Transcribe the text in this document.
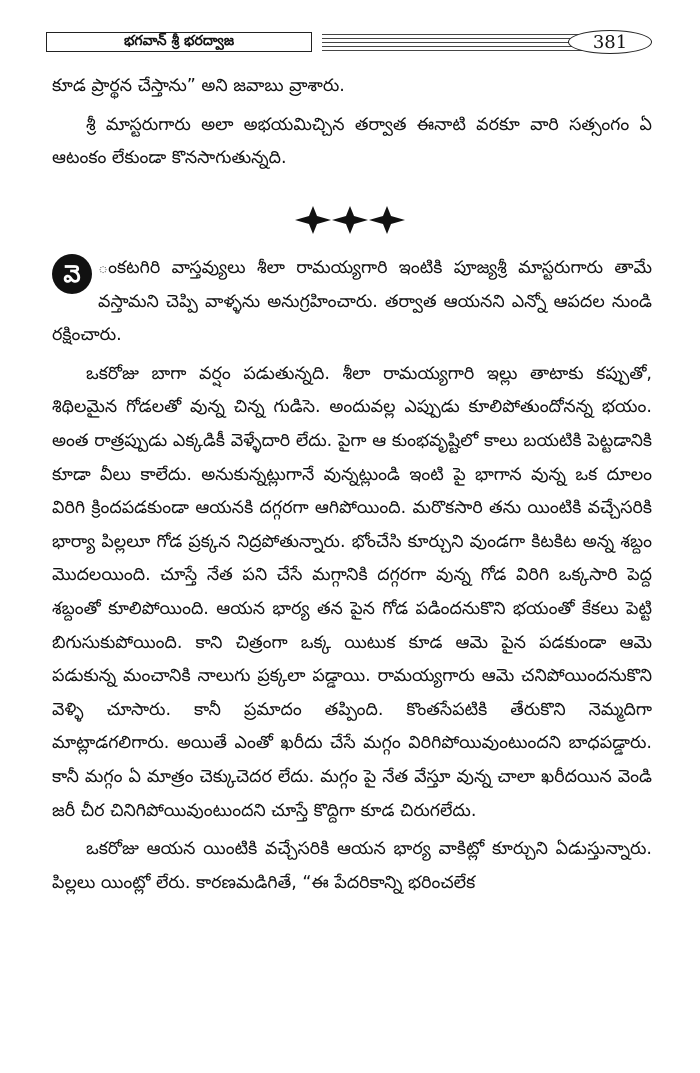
భగవాన్ శ్రీ భరద్వాజ	381

కూడ ప్రార్థన చేస్తాను” అని జవాబు వ్రాశారు.

శ్రీ మాస్టరుగారు అలా అభయమిచ్చిన తర్వాత ఈనాటి వరకూ వారి సత్సంగం ఏ ఆటంకం లేకుండా కొనసాగుతున్నది.

వె ంకటగిరి వాస్తవ్యులు శీలా రామయ్యగారి ఇంటికి పూజ్యశ్రీ మాస్టరుగారు తామే వస్తామని చెప్పి వాళ్ళను అనుగ్రహించారు. తర్వాత ఆయనని ఎన్నో ఆపదల నుండి రక్షించారు.

ఒకరోజు బాగా వర్షం పడుతున్నది. శీలా రామయ్యగారి ఇల్లు తాటాకు కప్పుతో, శిథిలమైన గోడలతో వున్న చిన్న గుడిసె. అందువల్ల ఎప్పుడు కూలిపోతుందోనన్న భయం. అంత రాత్రప్పుడు ఎక్కడికీ వెళ్ళేదారి లేదు. పైగా ఆ కుంభవృష్టిలో కాలు బయటికి పెట్టడానికి కూడా వీలు కాలేదు. అనుకున్నట్లుగానే వున్నట్లుండి ఇంటి పై భాగాన వున్న ఒక దూలం విరిగి క్రిందపడకుండా ఆయనకి దగ్గరగా ఆగిపోయింది. మరొకసారి తను యింటికి వచ్చేసరికి భార్యా పిల్లలూ గోడ ప్రక్కన నిద్రపోతున్నారు. భోంచేసి కూర్చుని వుండగా కిటకిట అన్న శబ్దం మొదలయింది. చూస్తే నేత పని చేసే మగ్గానికి దగ్గరగా వున్న గోడ విరిగి ఒక్కసారి పెద్ద శబ్దంతో కూలిపోయింది. ఆయన భార్య తన పైన గోడ పడిందనుకొని భయంతో కేకలు పెట్టి బిగుసుకుపోయింది. కాని చిత్రంగా ఒక్క యిటుక కూడ ఆమె పైన పడకుండా ఆమె పడుకున్న మంచానికి నాలుగు ప్రక్కలా పడ్డాయి. రామయ్యగారు ఆమె చనిపోయిందనుకొని వెళ్ళి చూసారు. కానీ ప్రమాదం తప్పింది. కొంతసేపటికి తేరుకొని నెమ్మదిగా మాట్లాడగలిగారు. అయితే ఎంతో ఖరీదు చేసే మగ్గం విరిగిపోయివుంటుందని బాధపడ్డారు. కానీ మగ్గం ఏ మాత్రం చెక్కుచెదర లేదు. మగ్గం పై నేత వేస్తూ వున్న చాలా ఖరీదయిన వెండి జరీ చీర చినిగిపోయివుంటుందని చూస్తే కొద్దిగా కూడ చిరుగలేదు.

ఒకరోజు ఆయన యింటికి వచ్చేసరికి ఆయన భార్య వాకిట్లో కూర్చుని ఏడుస్తున్నారు. పిల్లలు యింట్లో లేరు. కారణమడిగితే, “ఈ పేదరికాన్ని భరించలేక
